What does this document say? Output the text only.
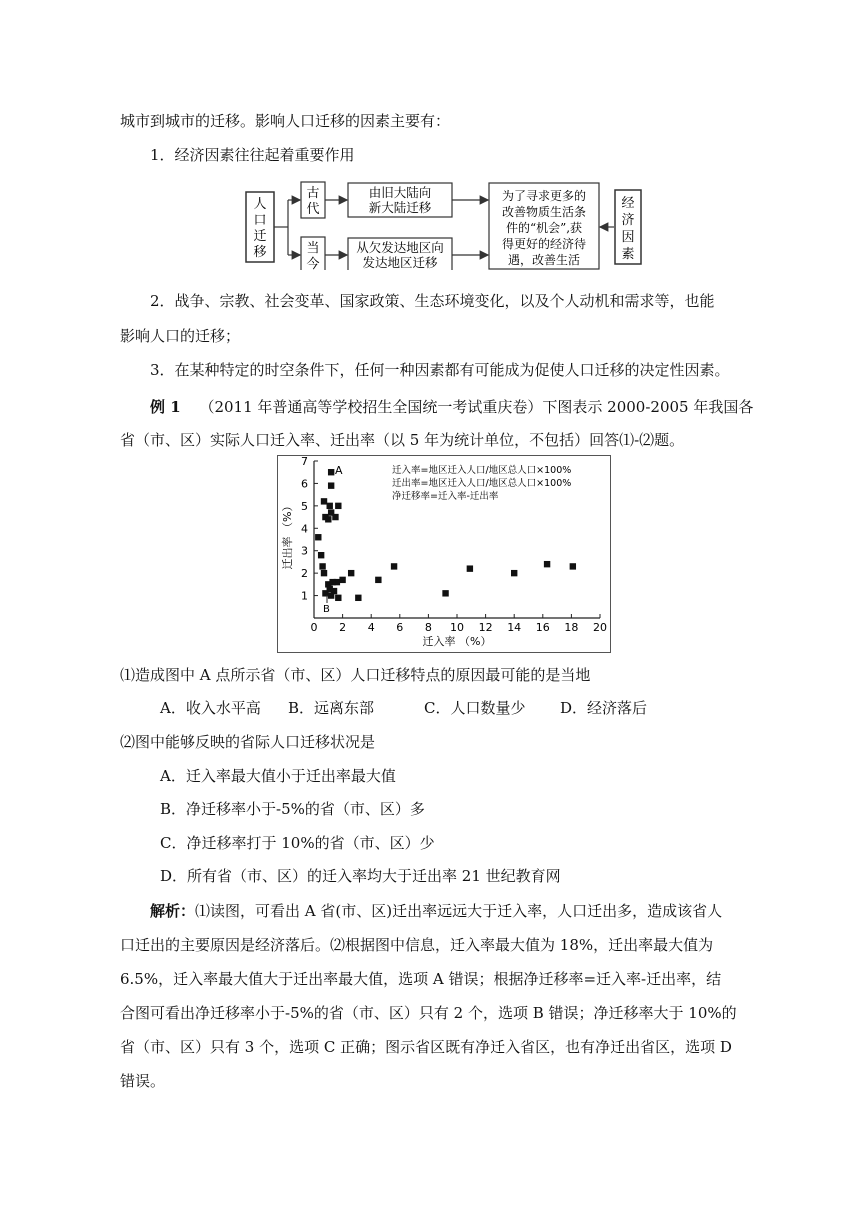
城市到城市的迁移。影响人口迁移的因素主要有：
1．经济因素往往起着重要作用
人
口
迁
移
古
代
当
今
由旧大陆向
新大陆迁移
从欠发达地区向
发达地区迁移
为了寻求更多的
改善物质生活条
件的“机会”,获
得更好的经济待
遇，改善生活
经
济
因
素
2．战争、宗教、社会变革、国家政策、生态环境变化，以及个人动机和需求等，也能
影响人口的迁移；
3．在某种特定的时空条件下，任何一种因素都有可能成为促使人口迁移的决定性因素。
例 1 （2011 年普通高等学校招生全国统一考试重庆卷）下图表示 2000-2005 年我国各
省（市、区）实际人口迁入率、迁出率（以 5 年为统计单位，不包括）回答⑴-⑵题。
0 2 4 6 8 10 12 14 16 18 20
1
2
3
4
5
6
7
迁出率 （%）
迁入率 （%）
迁入率=地区迁入人口/地区总人口×100%
迁出率=地区迁入人口/地区总人口×100%
净迁移率=迁入率-迁出率
A
B
⑴造成图中 A 点所示省（市、区）人口迁移特点的原因最可能的是当地
A．收入水平高 B．远离东部	C．人口数量少 D．经济落后
⑵图中能够反映的省际人口迁移状况是
A．迁入率最大值小于迁出率最大值
B．净迁移率小于-5%的省（市、区）多
C．净迁移率打于 10%的省（市、区）少
D．所有省（市、区）的迁入率均大于迁出率 21 世纪教育网
解析：⑴读图，可看出 A 省(市、区)迁出率远远大于迁入率，人口迁出多，造成该省人
口迁出的主要原因是经济落后。⑵根据图中信息，迁入率最大值为 18%，迁出率最大值为
6.5%，迁入率最大值大于迁出率最大值，选项 A 错误；根据净迁移率=迁入率-迁出率，结
合图可看出净迁移率小于-5%的省（市、区）只有 2 个，选项 B 错误；净迁移率大于 10%的
省（市、区）只有 3 个，选项 C 正确；图示省区既有净迁入省区，也有净迁出省区，选项 D
错误。
